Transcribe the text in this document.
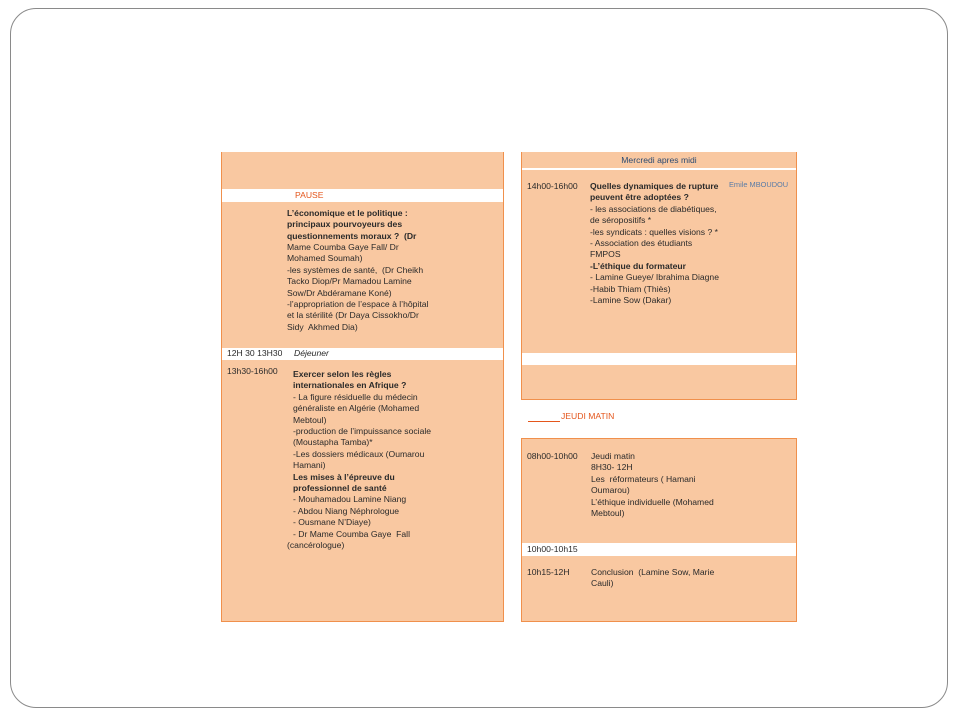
PAUSE
L’économique et le politique :
principaux pourvoyeurs des
questionnements moraux ?  (Dr
Mame Coumba Gaye Fall/ Dr
Mohamed Soumah)
-les systèmes de santé,  (Dr Cheikh
Tacko Diop/Pr Mamadou Lamine
Sow/Dr Abdéramane Koné)
-l’appropriation de l’espace à l’hôpital
et la stérilité (Dr Daya Cissokho/Dr
Sidy  Akhmed Dia)
12H 30 13H30 Déjeuner
13h30-16h00 Exercer selon les règles
internationales en Afrique ?
- La figure résiduelle du médecin
généraliste en Algérie (Mohamed
Mebtoul)
-production de l’impuissance sociale
(Moustapha Tamba)*
-Les dossiers médicaux (Oumarou
Hamani)
Les mises à l’épreuve du
professionnel de santé
- Mouhamadou Lamine Niang
- Abdou Niang Néphrologue
- Ousmane N’Diaye)
- Dr Mame Coumba Gaye  Fall
(cancérologue)
Mercredi apres midi
14h00-16h00	Emile MBOUDOU
Quelles dynamiques de rupture
peuvent être adoptées ?
- les associations de diabétiques,
de séropositifs *
-les syndicats : quelles visions ? *
- Association des étudiants
FMPOS
-L’éthique du formateur
- Lamine Gueye/ Ibrahima Diagne
-Habib Thiam (Thiès)
-Lamine Sow (Dakar)
JEUDI MATIN
08h00-10h00 Jeudi matin
8H30- 12H
Les  réformateurs ( Hamani
Oumarou)
L’éthique individuelle (Mohamed
Mebtoul)
10h00-10h15
10h15-12H Conclusion  (Lamine Sow, Marie
Cauli)
